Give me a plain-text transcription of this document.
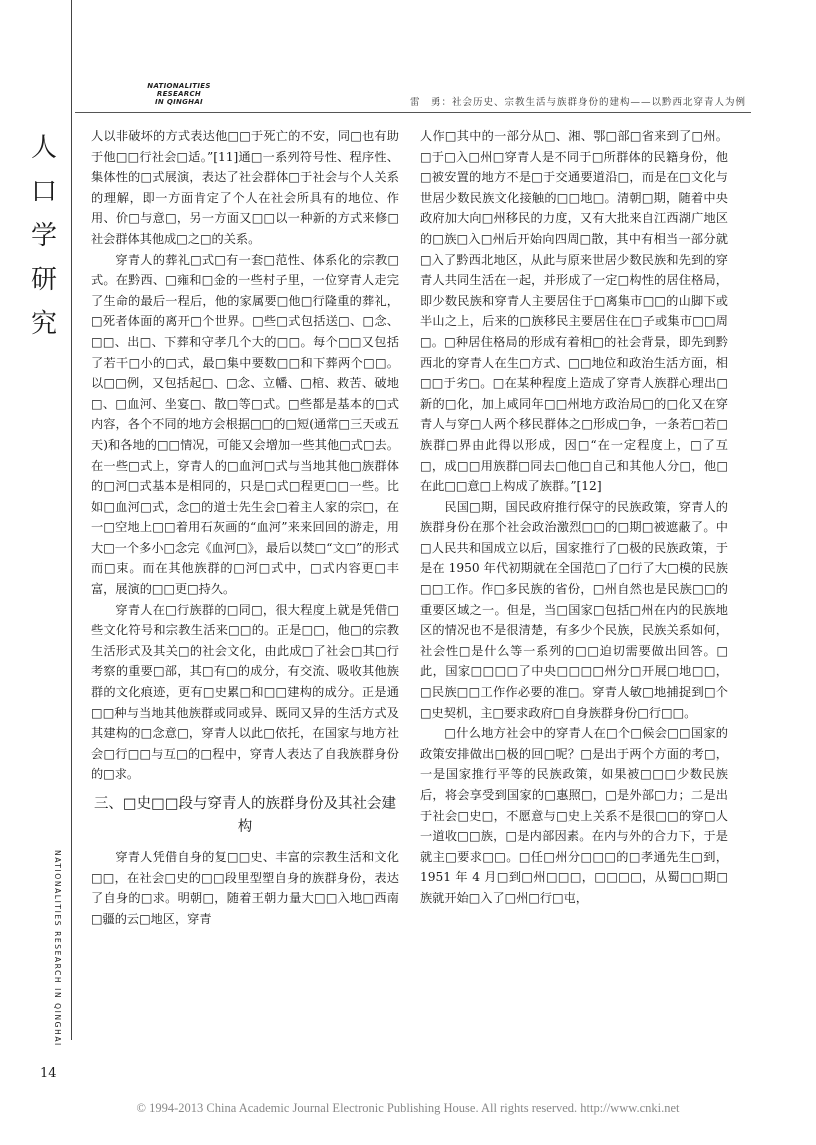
NATIONALITIES
RESEARCH
IN QINGHAI	雷　勇：社会历史、宗教生活与族群身份的建构——以黔西北穿青人为例
人
口
学
研
究
NATIONALITIES RESEARCH IN QINGHAI

人以非破坏的方式表达他□□于死亡的不安，同□也有助于他□□行社会□适。”[11]通□一系列符号性、程序性、集体性的□式展演，表达了社会群体□于社会与个人关系的理解，即一方面肯定了个人在社会所具有的地位、作用、价□与意□，另一方面又□□以一种新的方式来修□社会群体其他成□之□的关系。

穿青人的葬礼□式□有一套□范性、体系化的宗教□式。在黔西、□雍和□金的一些村子里，一位穿青人走完了生命的最后一程后，他的家属要□他□行隆重的葬礼，□死者体面的离开□个世界。□些□式包括送□、□念、□□、出□、下葬和守孝几个大的□□。每个□□又包括了若干□小的□式，最□集中要数□□和下葬两个□□。以□□例，又包括起□、□念、立幡、□棺、救苦、破地□、□血河、坐宴□、散□等□式。□些都是基本的□式内容，各个不同的地方会根据□□的□短(通常□三天或五天)和各地的□□情况，可能又会增加一些其他□式□去。在一些□式上，穿青人的□血河□式与当地其他□族群体的□河□式基本是相同的，只是□式□程更□□一些。比如□血河□式，念□的道士先生会□着主人家的宗□，在一□空地上□□着用石灰画的“血河”来来回回的游走，用大□一个多小□念完《血河□》，最后以焚□“文□”的形式而□束。而在其他族群的□河□式中，□式内容更□丰富，展演的□□更□持久。

穿青人在□行族群的□同□，很大程度上就是凭借□些文化符号和宗教生活来□□的。正是□□，他□的宗教生活形式及其关□的社会文化，由此成□了社会□其□行考察的重要□部，其□有□的成分，有交流、吸收其他族群的文化痕迹，更有□史累□和□□建构的成分。正是通□□种与当地其他族群或同或异、既同又异的生活方式及其建构的□念意□，穿青人以此□依托，在国家与地方社会□行□□与互□的□程中，穿青人表达了自我族群身份的□求。

三、□史□□段与穿青人的族群身份及其社会建构

穿青人凭借自身的复□□史、丰富的宗教生活和文化□□，在社会□史的□□段里型塑自身的族群身份，表达了自身的□求。明朝□，随着王朝力量大□□入地□西南□疆的云□地区，穿青

人作□其中的一部分从□、湘、鄂□部□省来到了□州。□于□入□州□穿青人是不同于□所群体的民籍身份，他□被安置的地方不是□于交通要道沿□，而是在□文化与世居少数民族文化接触的□□地□。清朝□期，随着中央政府加大向□州移民的力度，又有大批来自江西湖广地区的□族□入□州后开始向四周□散，其中有相当一部分就□入了黔西北地区，从此与原来世居少数民族和先到的穿青人共同生活在一起，并形成了一定□构性的居住格局，即少数民族和穿青人主要居住于□离集市□□的山脚下或半山之上，后来的□族移民主要居住在□子或集市□□周□。□种居住格局的形成有着相□的社会背景，即先到黔西北的穿青人在生□方式、□□地位和政治生活方面，相□□于劣□。□在某种程度上造成了穿青人族群心理出□新的□化，加上咸同年□□州地方政治局□的□化又在穿青人与穿□人两个移民群体之□形成□争，一条若□若□族群□界由此得以形成，因□“在一定程度上，□了互□，成□□用族群□同去□他□自己和其他人分□，他□在此□□意□上构成了族群。”[12]

民国□期，国民政府推行保守的民族政策，穿青人的族群身份在那个社会政治激烈□□的□期□被遮蔽了。中□人民共和国成立以后，国家推行了□极的民族政策，于是在 1950 年代初期就在全国范□了□行了大□模的民族□□工作。作□多民族的省份，□州自然也是民族□□的重要区域之一。但是，当□国家□包括□州在内的民族地区的情况也不是很清楚，有多少个民族，民族关系如何，社会性□是什么等一系列的□□迫切需要做出回答。□此，国家□□□□了中央□□□□州分□开展□地□□，□民族□□工作作必要的准□。穿青人敏□地捕捉到□个□史契机，主□要求政府□自身族群身份□行□□。

□什么地方社会中的穿青人在□个□候会□□国家的政策安排做出□极的回□呢？□是出于两个方面的考□，一是国家推行平等的民族政策，如果被□□□少数民族后，将会享受到国家的□惠照□，□是外部□力；二是出于社会□史□，不愿意与□史上关系不是很□□的穿□人一道收□□族，□是内部因素。在内与外的合力下，于是就主□要求□□。□任□州分□□□的□孝通先生□到，1951 年 4 月□到□州□□□，□□□□，从蜀□□期□族就开始□入了□州□行□屯，

14
© 1994-2013 China Academic Journal Electronic Publishing House. All rights reserved. http://www.cnki.net
